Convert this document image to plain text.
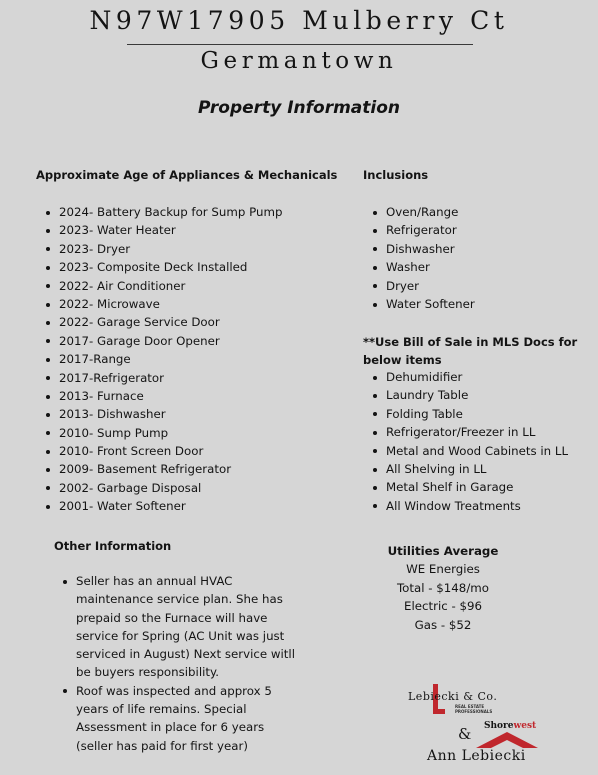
N97W17905 Mulberry Ct
Germantown
Property Information
Approximate Age of Appliances & Mechanicals
2024- Battery Backup for Sump Pump
2023- Water Heater
2023- Dryer
2023- Composite Deck Installed
2022- Air Conditioner
2022- Microwave
2022- Garage Service Door
2017- Garage Door Opener
2017-Range
2017-Refrigerator
2013- Furnace
2013- Dishwasher
2010- Sump Pump
2010- Front Screen Door
2009- Basement Refrigerator
2002- Garbage Disposal
2001- Water Softener
Inclusions
Oven/Range
Refrigerator
Dishwasher
Washer
Dryer
Water Softener
**Use Bill of Sale in MLS Docs for
below items
Dehumidifier
Laundry Table
Folding Table
Refrigerator/Freezer in LL
Metal and Wood Cabinets in LL
All Shelving in LL
Metal Shelf in Garage
All Window Treatments
Other Information
Seller has an annual HVAC maintenance service plan. She has prepaid so the Furnace will have service for Spring (AC Unit was just serviced in August) Next service witll be buyers responsibility.
Roof was inspected and approx 5 years of life remains. Special Assessment in place for 6 years (seller has paid for first year)
Utilities Average
WE Energies
Total - $148/mo
Electric - $96
Gas - $52
Lebiecki & Co.
REAL ESTATE
PROFESSIONALS
& Shorewest
Ann Lebiecki
